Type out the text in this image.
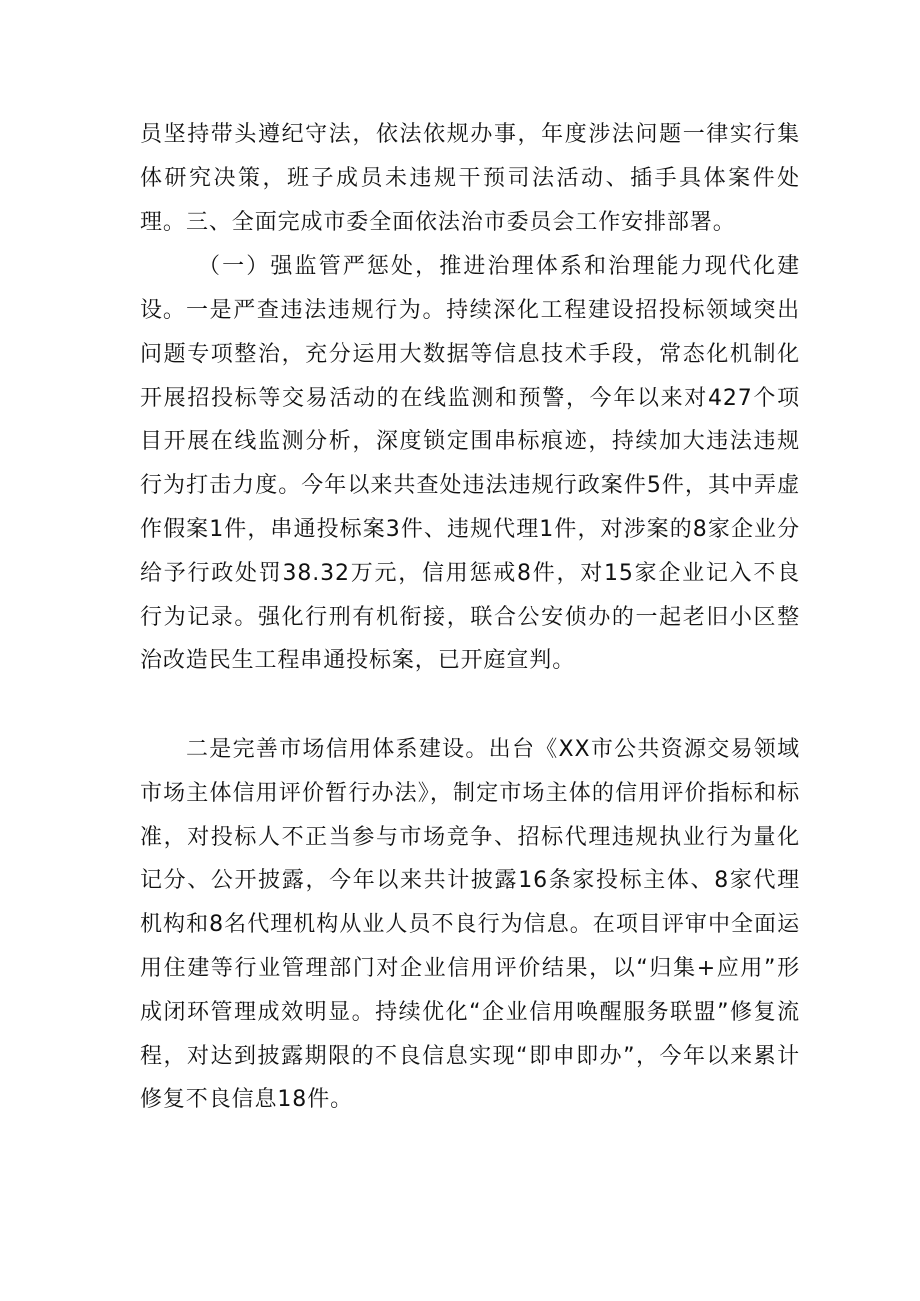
员坚持带头遵纪守法，依法依规办事，年度涉法问题一律实行集体研究决策，班子成员未违规干预司法活动、插手具体案件处理。 三、全面完成市委全面依法治市委员会工作安排部署。

（一）强监管严惩处，推进治理体系和治理能力现代化建设。 一是严查违法违规行为。持续深化工程建设招投标领域突出问题专项整治，充分运用大数据等信息技术手段，常态化机制化开展招投标等交易活动的在线监测和预警，今年以来对427个项目开展在线监测分析，深度锁定围串标痕迹，持续加大违法违规行为打击力度。今年以来共查处违法违规行政案件5件，其中弄虚作假案1件，串通投标案3件、违规代理1件，对涉案的8家企业分给予行政处罚38.32万元，信用惩戒8件，对15家企业记入不良行为记录。强化行刑有机衔接，联合公安侦办的一起老旧小区整治改造民生工程串通投标案，已开庭宣判。

二是完善市场信用体系建设。出台《XX市公共资源交易领域市场主体信用评价暂行办法》，制定市场主体的信用评价指标和标准，对投标人不正当参与市场竞争、招标代理违规执业行为量化记分、公开披露，今年以来共计披露16条家投标主体、8家代理机构和8名代理机构从业人员不良行为信息。在项目评审中全面运用住建等行业管理部门对企业信用评价结果，以“归集+应用”形成闭环管理成效明显。持续优化“企业信用唤醒服务联盟”修复流程，对达到披露期限的不良信息实现“即申即办”，今年以来累计修复不良信息18件。
